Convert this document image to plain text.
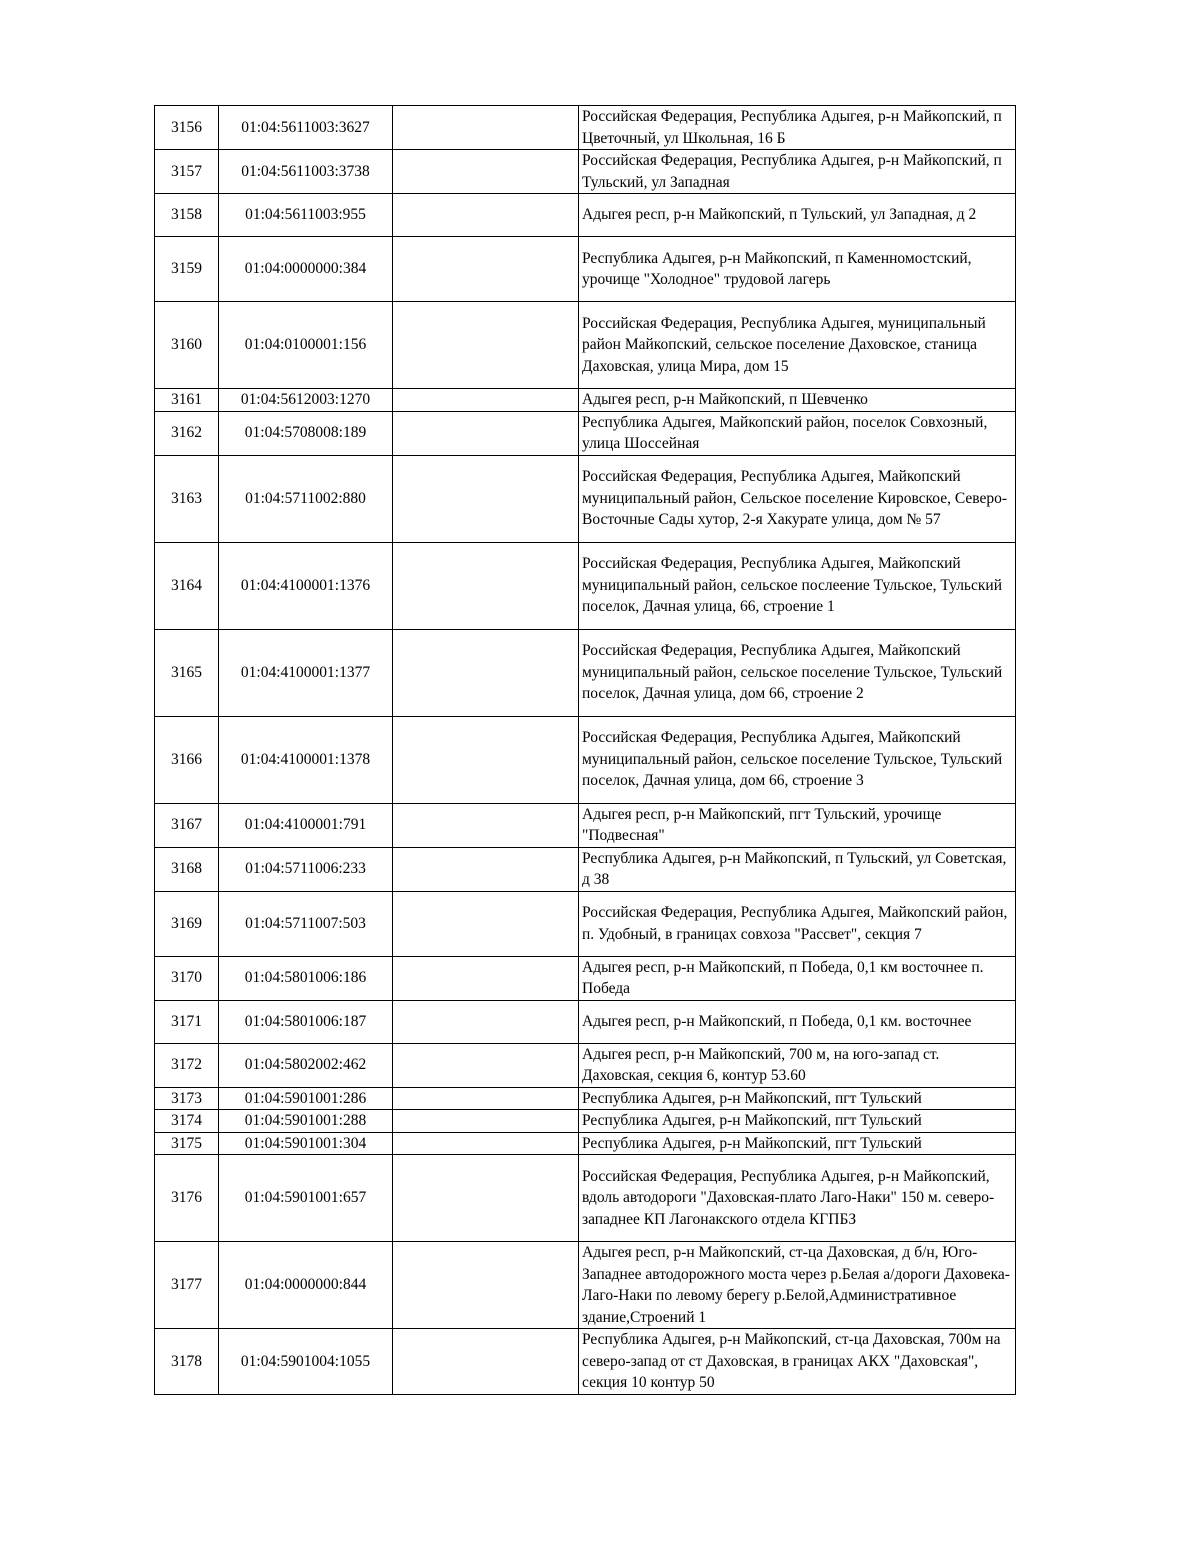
3156	01:04:5611003:3627		Российская Федерация, Республика Адыгея, р-н Майкопский, п Цветочный, ул Школьная, 16 Б
3157	01:04:5611003:3738		Российская Федерация, Республика Адыгея, р-н Майкопский, п Тульский, ул Западная
3158	01:04:5611003:955		Адыгея респ, р-н Майкопский, п Тульский, ул Западная, д 2
3159	01:04:0000000:384		Республика Адыгея, р-н Майкопский, п Каменномостский, урочище "Холодное" трудовой лагерь
3160	01:04:0100001:156		Российская Федерация, Республика Адыгея, муниципальный район Майкопский, сельское поселение Даховское, станица Даховская, улица Мира, дом 15
3161	01:04:5612003:1270		Адыгея респ, р-н Майкопский, п Шевченко
3162	01:04:5708008:189		Республика Адыгея, Майкопский район, поселок Совхозный, улица Шоссейная
3163	01:04:5711002:880		Российская Федерация, Республика Адыгея, Майкопский муниципальный район, Сельское поселение Кировское, Северо-Восточные Сады хутор, 2-я Хакурате улица, дом № 57
3164	01:04:4100001:1376		Российская Федерация, Республика Адыгея, Майкопский муниципальный район, сельское послеение Тульское, Тульский поселок, Дачная улица, 66, строение 1
3165	01:04:4100001:1377		Российская Федерация, Республика Адыгея, Майкопский муниципальный район, сельское поселение Тульское, Тульский поселок, Дачная улица, дом 66, строение 2
3166	01:04:4100001:1378		Российская Федерация, Республика Адыгея, Майкопский муниципальный район, сельское поселение Тульское, Тульский поселок, Дачная улица, дом 66, строение 3
3167	01:04:4100001:791		Адыгея респ, р-н Майкопский, пгт Тульский, урочище "Подвесная"
3168	01:04:5711006:233		Республика Адыгея, р-н Майкопский, п Тульский, ул Советская, д 38
3169	01:04:5711007:503		Российская Федерация, Республика Адыгея, Майкопский район, п. Удобный, в границах совхоза "Рассвет", секция 7
3170	01:04:5801006:186		Адыгея респ, р-н Майкопский, п Победа, 0,1 км восточнее п. Победа
3171	01:04:5801006:187		Адыгея респ, р-н Майкопский, п Победа, 0,1 км. восточнее
3172	01:04:5802002:462		Адыгея респ, р-н Майкопский, 700 м, на юго-запад ст. Даховская, секция 6, контур 53.60
3173	01:04:5901001:286		Республика Адыгея, р-н Майкопский, пгт Тульский
3174	01:04:5901001:288		Республика Адыгея, р-н Майкопский, пгт Тульский
3175	01:04:5901001:304		Республика Адыгея, р-н Майкопский, пгт Тульский
3176	01:04:5901001:657		Российская Федерация, Республика Адыгея, р-н Майкопский, вдоль автодороги "Даховская-плато Лаго-Наки" 150 м. северо-западнее КП Лагонакского отдела КГПБЗ
3177	01:04:0000000:844		Адыгея респ, р-н Майкопский, ст-ца Даховская, д б/н, Юго-Западнее автодорожного моста через р.Белая а/дороги Даховека-Лаго-Наки по левому берегу р.Белой,Административное здание,Строений 1
3178	01:04:5901004:1055		Республика Адыгея, р-н Майкопский, ст-ца Даховская, 700м на северо-запад от ст Даховская, в границах АКХ "Даховская", секция 10 контур 50
